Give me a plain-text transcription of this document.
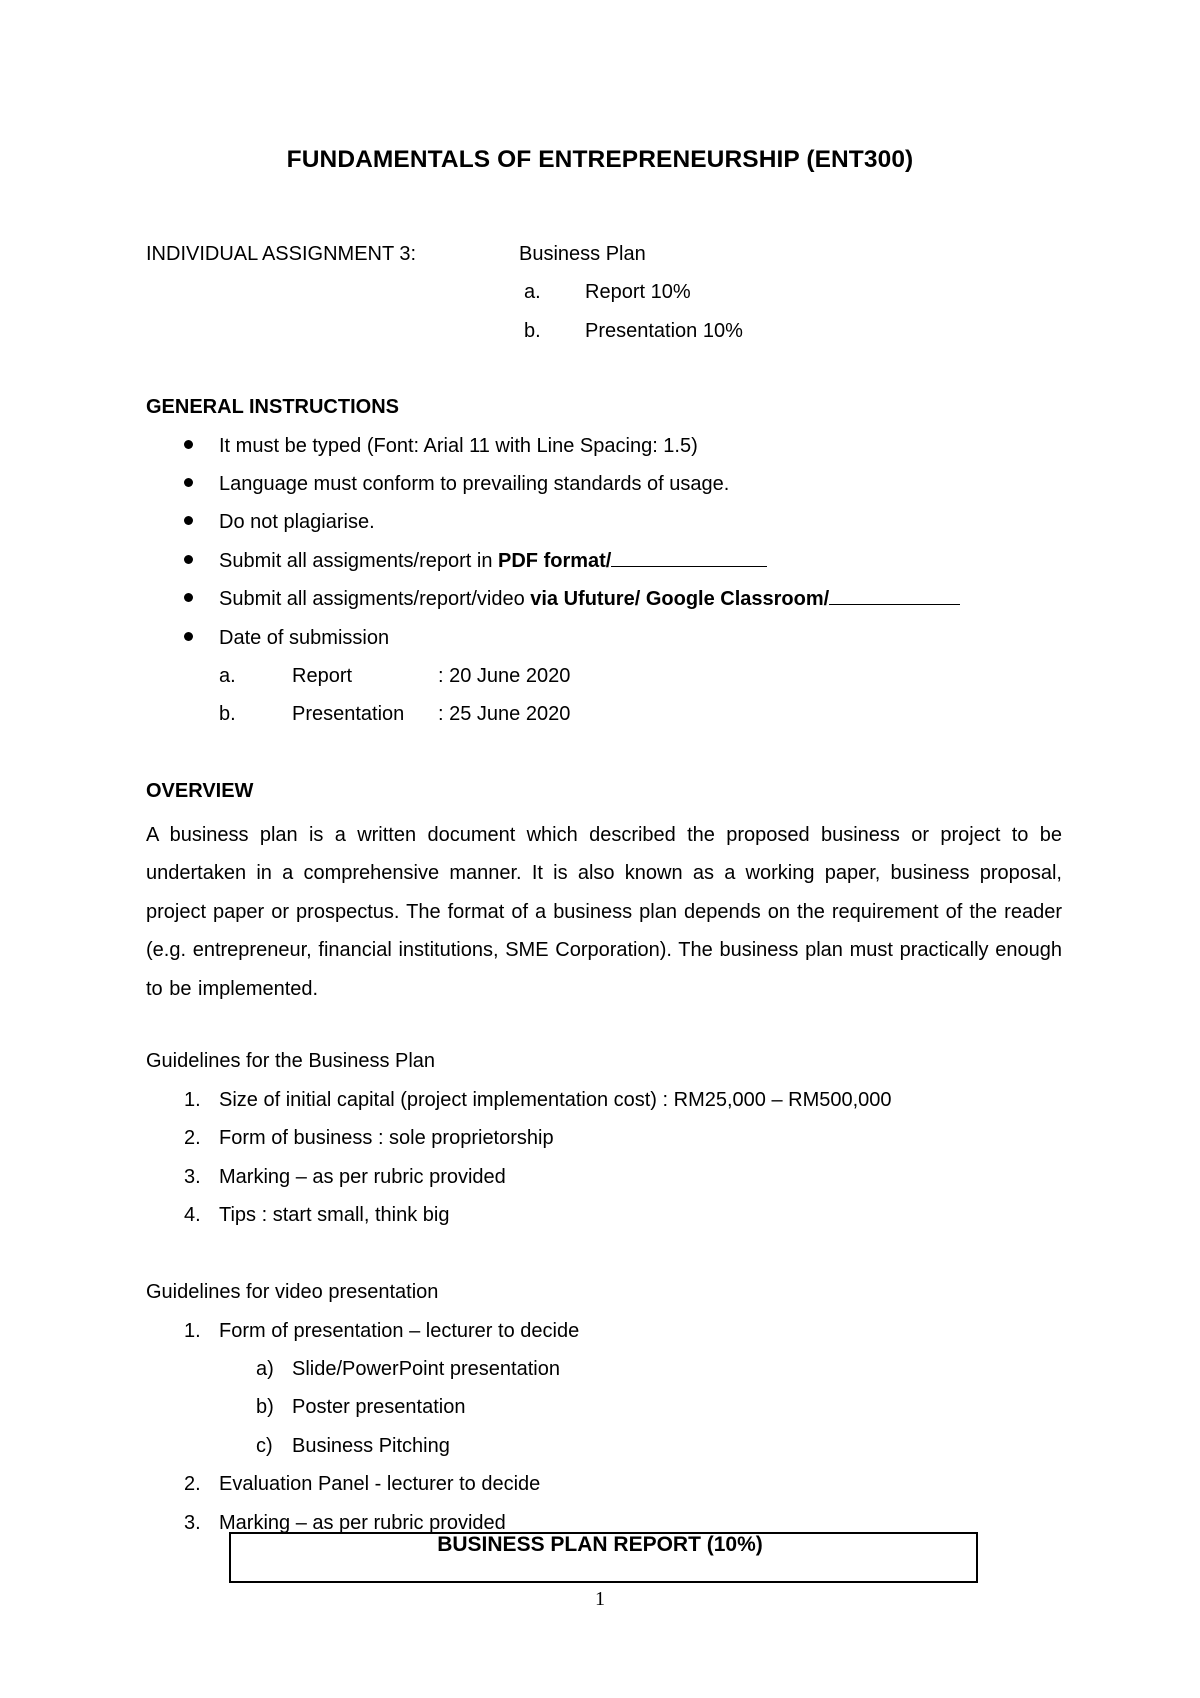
FUNDAMENTALS OF ENTREPRENEURSHIP (ENT300)
INDIVIDUAL ASSIGNMENT 3:	Business Plan
a. Report 10%
b. Presentation 10%
GENERAL INSTRUCTIONS
It must be typed (Font: Arial 11 with Line Spacing: 1.5)
Language must conform to prevailing standards of usage.
Do not plagiarise.
Submit all assigments/report in PDF format/
Submit all assigments/report/video via Ufuture/ Google Classroom/
Date of submission
a.	Report	: 20 June 2020
b.	Presentation : 25 June 2020
OVERVIEW
A business plan is a written document which described the proposed business or project to be undertaken in a comprehensive manner. It is also known as a working paper, business proposal, project paper or prospectus. The format of a business plan depends on the requirement of the reader (e.g. entrepreneur, financial institutions, SME Corporation). The business plan must practically enough to be implemented.
Guidelines for the Business Plan
1. Size of initial capital (project implementation cost) : RM25,000 – RM500,000
2. Form of business : sole proprietorship
3. Marking – as per rubric provided
4. Tips : start small, think big
Guidelines for video presentation
1. Form of presentation – lecturer to decide
a) Slide/PowerPoint presentation
b) Poster presentation
c) Business Pitching
2. Evaluation Panel - lecturer to decide
3. Marking – as per rubric provided
BUSINESS PLAN REPORT (10%)
1
